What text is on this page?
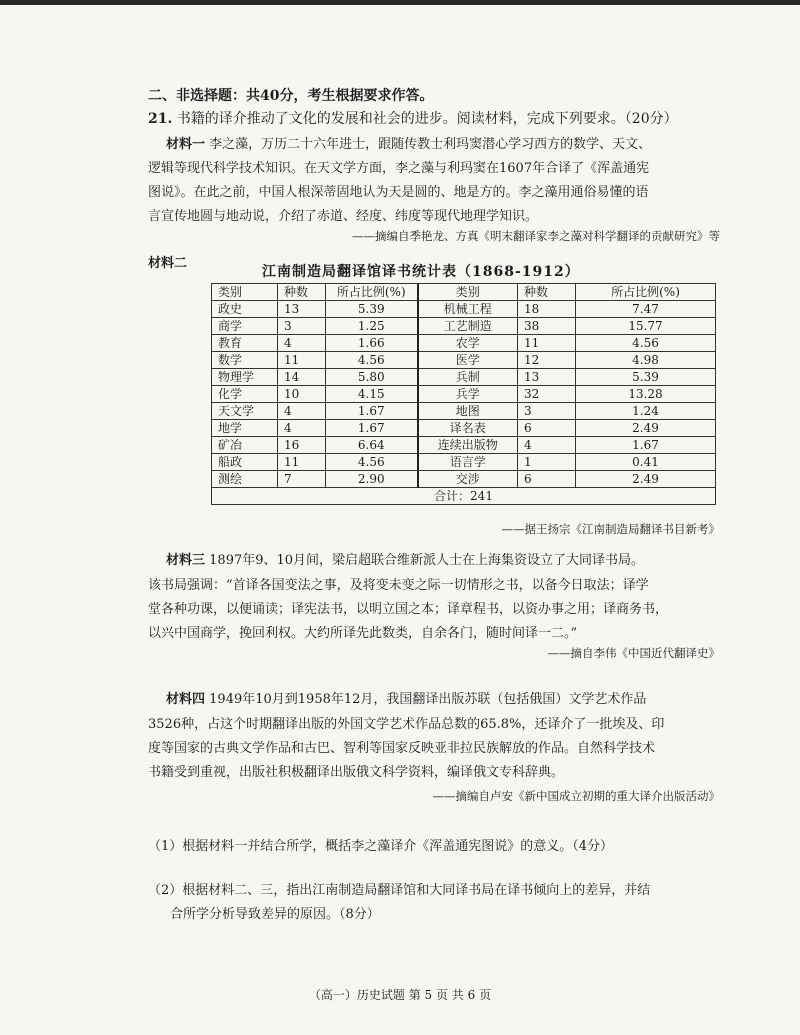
二、非选择题：共40分，考生根据要求作答。
21. 书籍的译介推动了文化的发展和社会的进步。阅读材料，完成下列要求。（20分）
材料一 李之藻，万历二十六年进士，跟随传教士利玛窦潜心学习西方的数学、天文、
逻辑等现代科学技术知识。在天文学方面，李之藻与利玛窦在1607年合译了《浑盖通宪
图说》。在此之前，中国人根深蒂固地认为天是圆的、地是方的。李之藻用通俗易懂的语
言宣传地圆与地动说，介绍了赤道、经度、纬度等现代地理学知识。
——摘编自季艳龙、方真《明末翻译家李之藻对科学翻译的贡献研究》等
材料二
江南制造局翻译馆译书统计表（1868-1912）
类别	种数	所占比例(%)	类别	种数	所占比例(%)
政史	13	5.39	机械工程	18	7.47
商学	3	1.25	工艺制造	38	15.77
教育	4	1.66	农学	11	4.56
数学	11	4.56	医学	12	4.98
物理学	14	5.80	兵制	13	5.39
化学	10	4.15	兵学	32	13.28
天文学	4	1.67	地图	3	1.24
地学	4	1.67	译名表	6	2.49
矿冶	16	6.64	连续出版物	4	1.67
船政	11	4.56	语言学	1	0.41
测绘	7	2.90	交涉	6	2.49
合计：241					
——据王扬宗《江南制造局翻译书目新考》
材料三 1897年9、10月间，梁启超联合维新派人士在上海集资设立了大同译书局。
该书局强调：“首译各国变法之事，及将变未变之际一切情形之书，以备今日取法；译学
堂各种功课，以便诵读；译宪法书，以明立国之本；译章程书，以资办事之用；译商务书，
以兴中国商学，挽回利权。大约所译先此数类，自余各门，随时间译一二。”
——摘自李伟《中国近代翻译史》
材料四 1949年10月到1958年12月，我国翻译出版苏联（包括俄国）文学艺术作品
3526种，占这个时期翻译出版的外国文学艺术作品总数的65.8%，还译介了一批埃及、印
度等国家的古典文学作品和古巴、智利等国家反映亚非拉民族解放的作品。自然科学技术
书籍受到重视，出版社积极翻译出版俄文科学资料，编译俄文专科辞典。
——摘编自卢安《新中国成立初期的重大译介出版活动》
（1）根据材料一并结合所学，概括李之藻译介《浑盖通宪图说》的意义。（4分）
（2）根据材料二、三，指出江南制造局翻译馆和大同译书局在译书倾向上的差异，并结
合所学分析导致差异的原因。（8分）
（高一）历史试题 第 5 页 共 6 页
